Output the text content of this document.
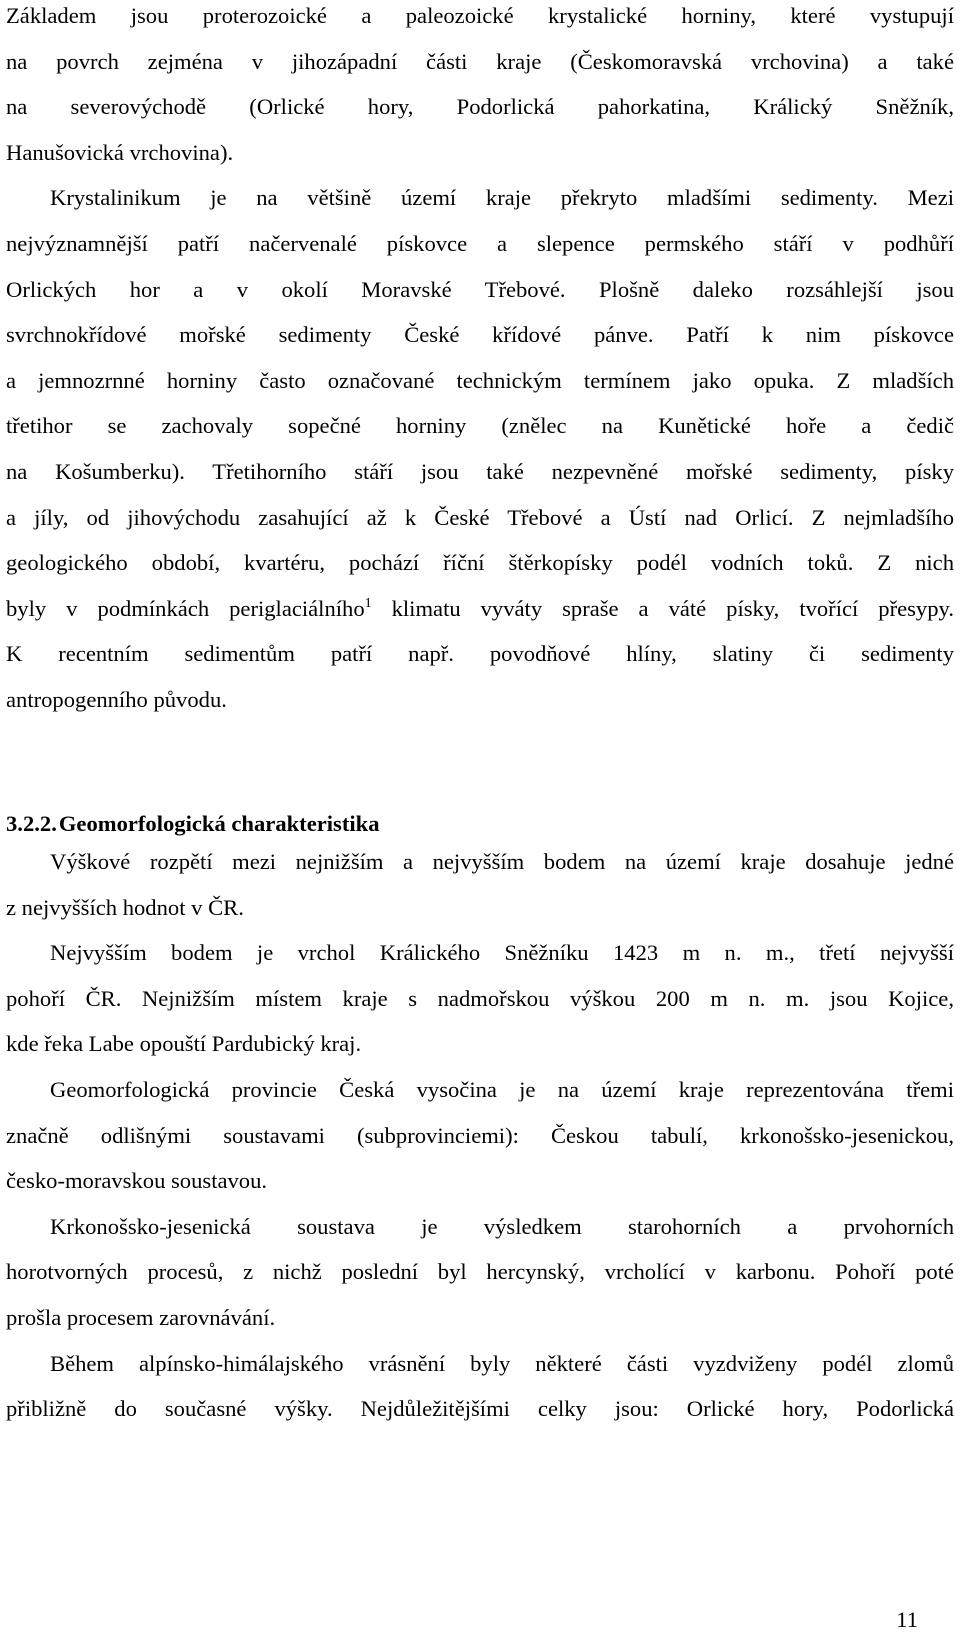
Základem jsou proterozoické a paleozoické krystalické horniny, které vystupují
na povrch zejména v jihozápadní části kraje (Českomoravská vrchovina) a také
na severovýchodě (Orlické hory, Podorlická pahorkatina, Králický Sněžník,
Hanušovická vrchovina).
Krystalinikum je na většině území kraje překryto mladšími sedimenty. Mezi
nejvýznamnější patří načervenalé pískovce a slepence permského stáří v podhůří
Orlických hor a v okolí Moravské Třebové. Plošně daleko rozsáhlejší jsou
svrchnokřídové mořské sedimenty České křídové pánve. Patří k nim pískovce
a jemnozrnné horniny často označované technickým termínem jako opuka. Z mladších
třetihor se zachovaly sopečné horniny (znělec na Kunětické hoře a čedič
na Košumberku). Třetihorního stáří jsou také nezpevněné mořské sedimenty, písky
a jíly, od jihovýchodu zasahující až k České Třebové a Ústí nad Orlicí. Z nejmladšího
geologického období, kvartéru, pochází říční štěrkopísky podél vodních toků. Z nich
byly v podmínkách periglaciálního$^1$ klimatu vyváty spraše a váté písky, tvořící přesypy.
K recentním sedimentům patří např. povodňové hlíny, slatiny či sedimenty
antropogenního původu.
3.2.2.Geomorfologická charakteristika
Výškové rozpětí mezi nejnižším a nejvyšším bodem na území kraje dosahuje jedné
z nejvyšších hodnot v ČR.
Nejvyšším bodem je vrchol Králického Sněžníku 1423 m n. m., třetí nejvyšší
pohoří ČR. Nejnižším místem kraje s nadmořskou výškou 200 m n. m. jsou Kojice,
kde řeka Labe opouští Pardubický kraj.
Geomorfologická provincie Česká vysočina je na území kraje reprezentována třemi
značně odlišnými soustavami (subprovinciemi): Českou tabulí, krkonošsko-jesenickou,
česko-moravskou soustavou.
Krkonošsko-jesenická soustava je výsledkem starohorních a prvohorních
horotvorných procesů, z nichž poslední byl hercynský, vrcholící v karbonu. Pohoří poté
prošla procesem zarovnávání.
Během alpínsko-himálajského vrásnění byly některé části vyzdviženy podél zlomů
přibližně do současné výšky. Nejdůležitějšími celky jsou: Orlické hory, Podorlická
11
